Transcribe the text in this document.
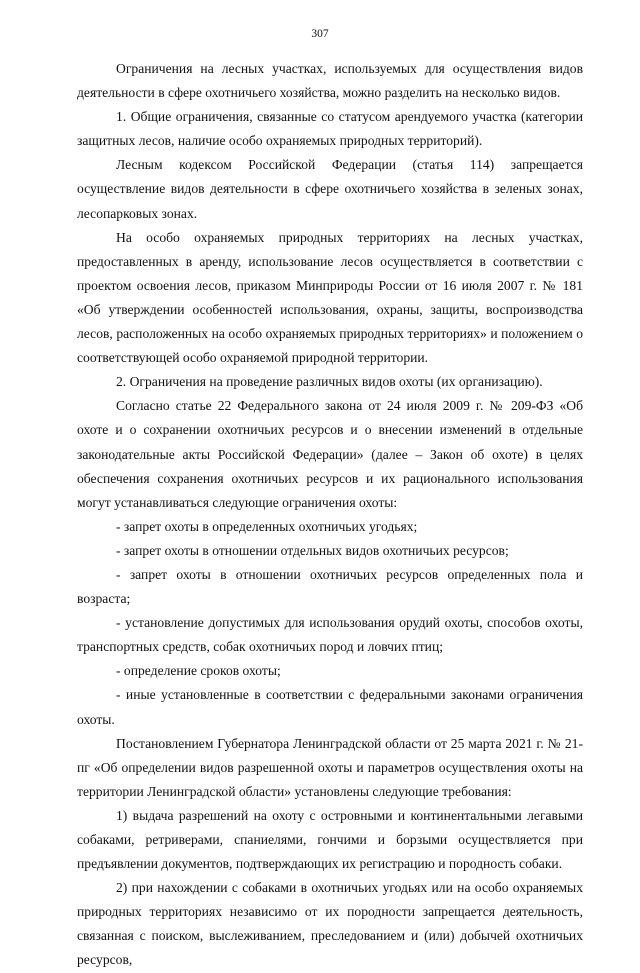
307

Ограничения на лесных участках, используемых для осуществления видов деятельности в сфере охотничьего хозяйства, можно разделить на несколько видов.

1. Общие ограничения, связанные со статусом арендуемого участка (категории защитных лесов, наличие особо охраняемых природных территорий).

Лесным кодексом Российской Федерации (статья 114) запрещается осуществление видов деятельности в сфере охотничьего хозяйства в зеленых зонах, лесопарковых зонах.

На особо охраняемых природных территориях на лесных участках, предоставленных в аренду, использование лесов осуществляется в соответствии с проектом освоения лесов, приказом Минприроды России от 16 июля 2007 г. № 181 «Об утверждении особенностей использования, охраны, защиты, воспроизводства лесов, расположенных на особо охраняемых природных территориях» и положением о соответствующей особо охраняемой природной территории.

2. Ограничения на проведение различных видов охоты (их организацию).

Согласно статье 22 Федерального закона от 24 июля 2009 г. № 209-ФЗ «Об охоте и о сохранении охотничьих ресурсов и о внесении изменений в отдельные законодательные акты Российской Федерации» (далее – Закон об охоте) в целях обеспечения сохранения охотничьих ресурсов и их рационального использования могут устанавливаться следующие ограничения охоты:

- запрет охоты в определенных охотничьих угодьях;

- запрет охоты в отношении отдельных видов охотничьих ресурсов;

- запрет охоты в отношении охотничьих ресурсов определенных пола и возраста;

- установление допустимых для использования орудий охоты, способов охоты, транспортных средств, собак охотничьих пород и ловчих птиц;

- определение сроков охоты;

- иные установленные в соответствии с федеральными законами ограничения охоты.

Постановлением Губернатора Ленинградской области от 25 марта 2021 г. № 21-пг «Об определении видов разрешенной охоты и параметров осуществления охоты на территории Ленинградской области» установлены следующие требования:

1) выдача разрешений на охоту с островными и континентальными легавыми собаками, ретриверами, спаниелями, гончими и борзыми осуществляется при предъявлении документов, подтверждающих их регистрацию и породность собаки.

2) при нахождении с собаками в охотничьих угодьях или на особо охраняемых природных территориях независимо от их породности запрещается деятельность, связанная с поиском, выслеживанием, преследованием и (или) добычей охотничьих ресурсов,
